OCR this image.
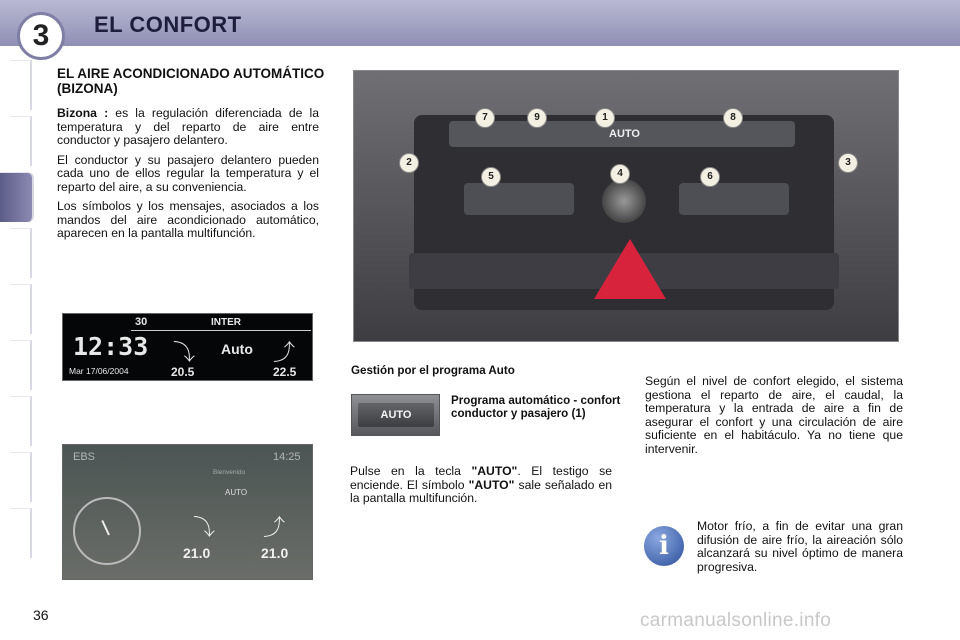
3	EL CONFORT
EL AIRE ACONDICIONADO AUTOMÁTICO (BIZONA)

Bizona : es la regulación diferenciada de la temperatura y del reparto de aire entre conductor y pasajero delantero.

El conductor y su pasajero delantero pueden cada uno de ellos regular la temperatura y el reparto del aire, a su conveniencia.

Los símbolos y los mensajes, asociados a los mandos del aire acondicionado automático, aparecen en la pantalla multifunción.

AUTO
7	9	1	8
2
5	4	6
3
30	INTER
12:33
Mar 17/06/2004
⤵ Auto ⤴
20.5	22.5
EBS	14:25
Bienvenido
AUTO
⤵ ⤴
21.0	21.0
Gestión por el programa Auto
AUTO
Programa automático - confort conductor y pasajero (1)
Pulse en la tecla "AUTO". El testigo se enciende. El símbolo "AUTO" sale señalado en la pantalla multifunción.
Según el nivel de confort elegido, el sistema gestiona el reparto de aire, el caudal, la temperatura y la entrada de aire a fin de asegurar el confort y una circulación de aire suficiente en el habitáculo. Ya no tiene que intervenir.
i
Motor frío, a fin de evitar una gran difusión de aire frío, la aireación sólo alcanzará su nivel óptimo de manera progresiva.
36	carmanualsonline.info
